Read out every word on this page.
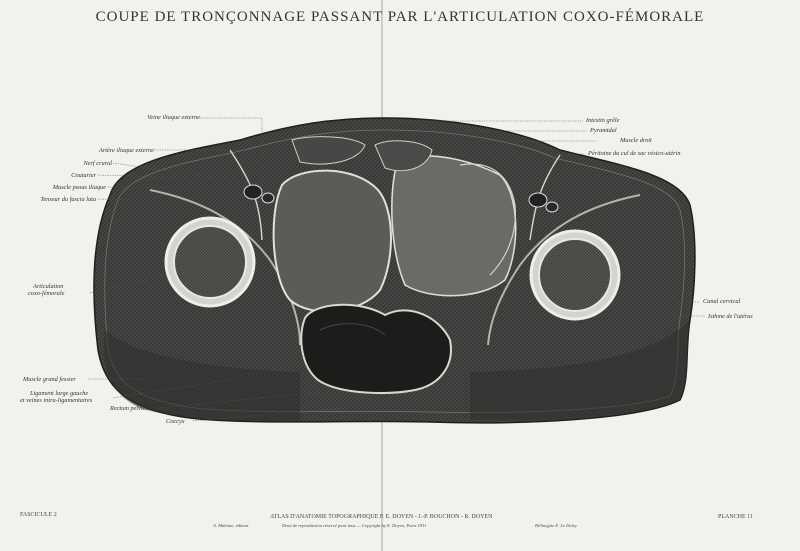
COUPE DE TRONÇONNAGE PASSANT PAR L'ARTICULATION COXO-FÉMORALE
Veine iliaque externe
Artère iliaque externe
Nerf crural
Couturier
Muscle psoas iliaque
Tenseur du fascia lata
Articulation
coxo-fémorale
Muscle grand fessier
Ligament large gauche
et veines intra-ligamentaires
Rectum pelvien
Coccyx
Intestin grêle
Pyramidal
Muscle droit
Péritoine du cul de sac vésico-utérin
Canal cervical
Isthme de l'utérus
FASCICULE 2	ATLAS D'ANATOMIE TOPOGRAPHIQUE P. E. DOYEN - J.-P. BOUCHON - R. DOYEN
Droit de reproduction réservé pour tous — Copyright by E. Doyen, Paris 1911
A. Maloine, éditeur	Héliotypie E. Le Deley
PLANCHE 11
